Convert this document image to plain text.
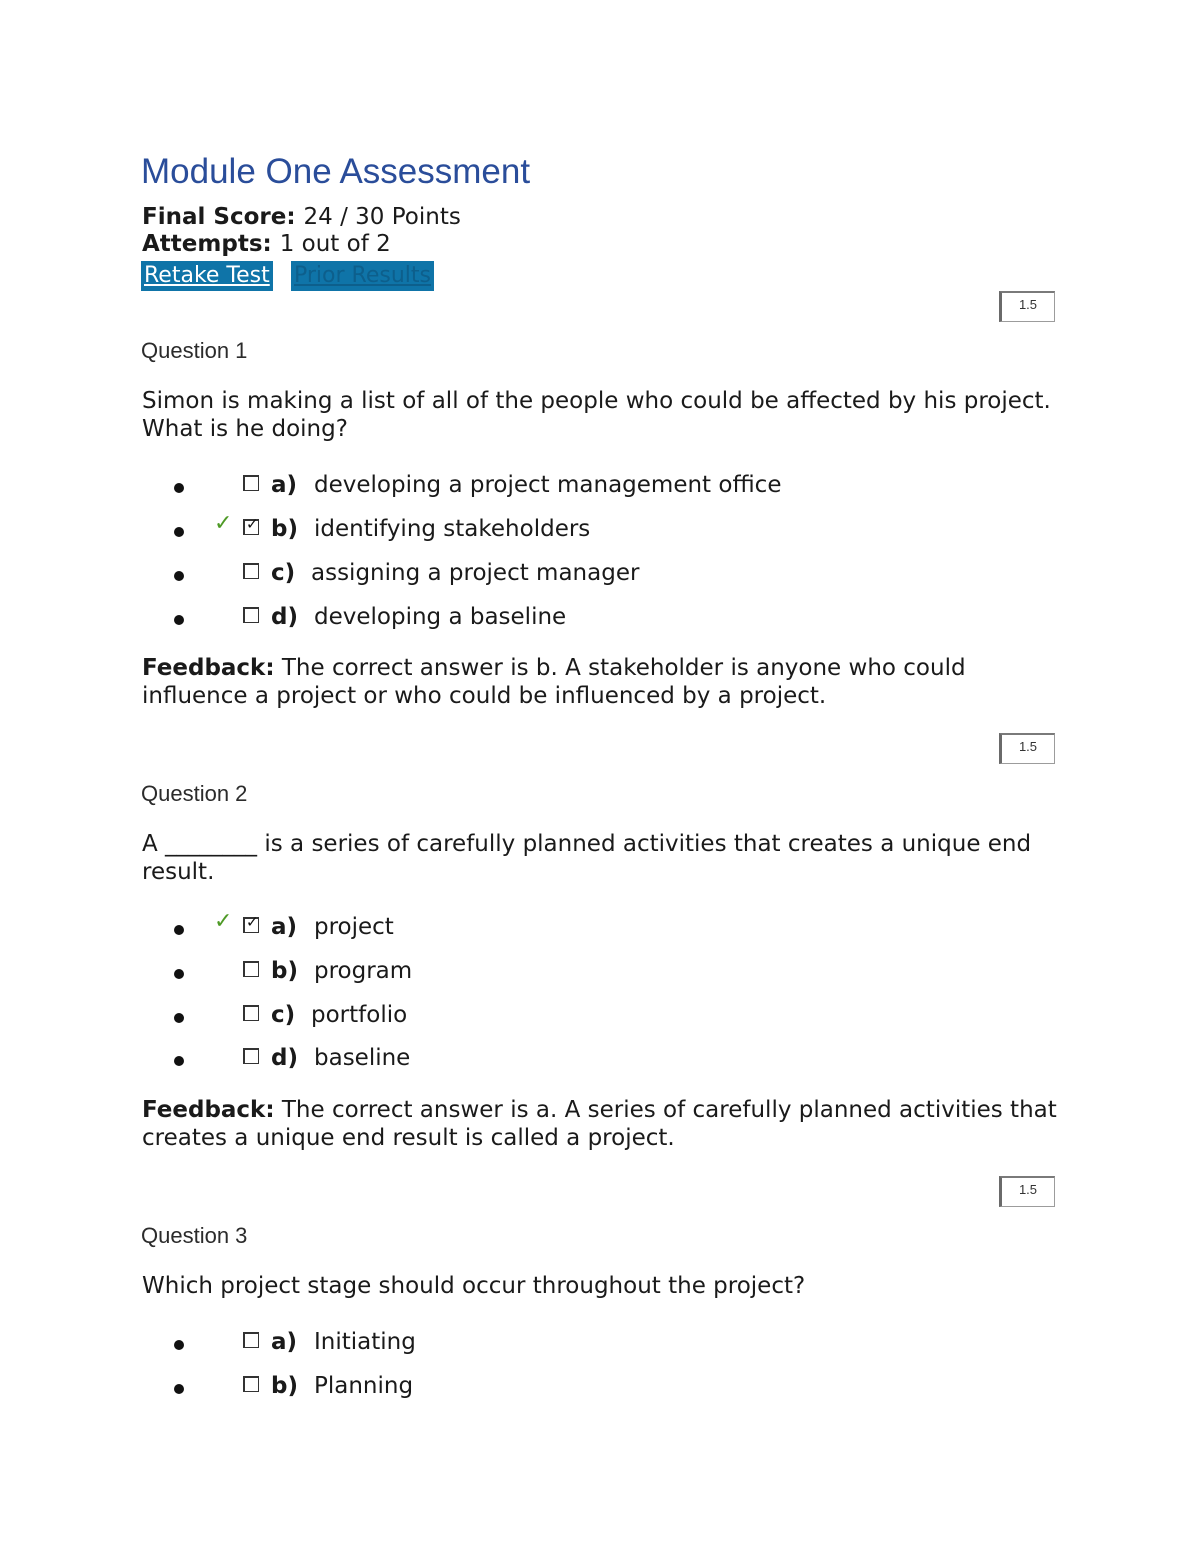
Module One Assessment
Final Score: 24 / 30 Points
Attempts: 1 out of 2
Retake Test Prior Results
1.5
Question 1
Simon is making a list of all of the people who could be affected by his project. What is he doing?
a) developing a project management office
✓ ✓ b) identifying stakeholders
c) assigning a project manager
d) developing a baseline
Feedback: The correct answer is b. A stakeholder is anyone who could influence a project or who could be influenced by a project.
1.5
Question 2
A ________ is a series of carefully planned activities that creates a unique end result.
✓ ✓ a) project
b) program
c) portfolio
d) baseline
Feedback: The correct answer is a. A series of carefully planned activities that creates a unique end result is called a project.
1.5
Question 3
Which project stage should occur throughout the project?
a) Initiating
b) Planning
